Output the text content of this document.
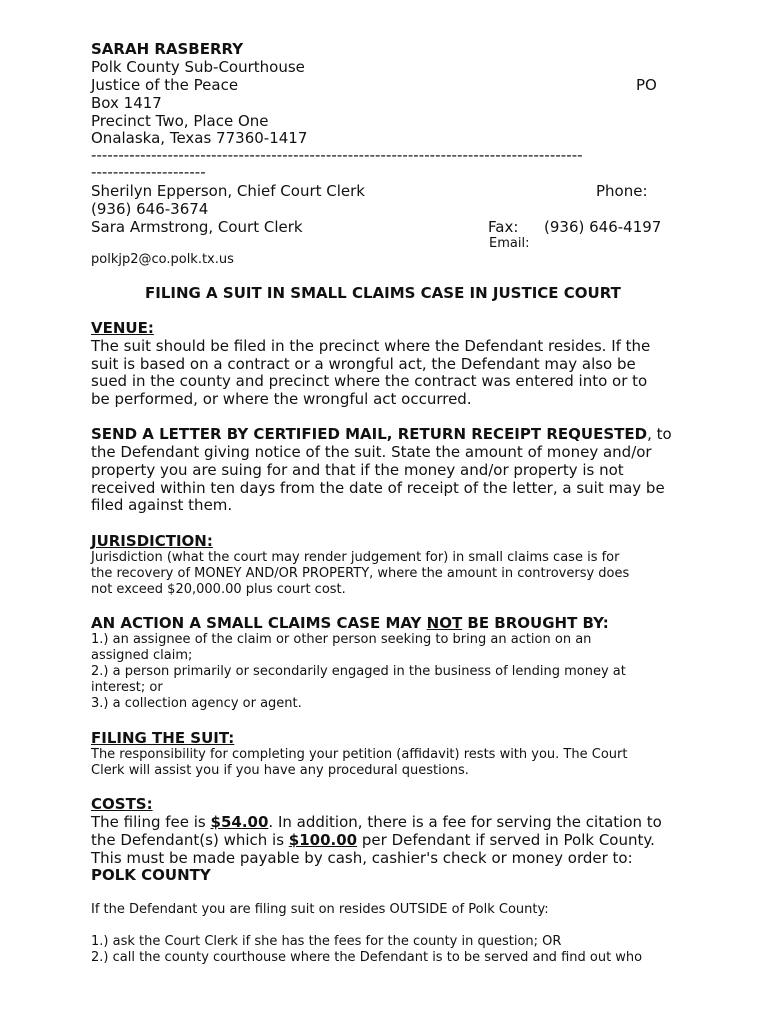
SARAH RASBERRY
Polk County Sub-Courthouse
Justice of the Peace	PO
Box 1417
Precinct Two, Place One
Onalaska, Texas 77360-1417
------------------------------------------------------------------------------------------
---------------------
Sherilyn Epperson, Chief Court Clerk	Phone:
(936) 646-3674
Sara Armstrong, Court Clerk	Fax: (936) 646-4197
Email:
polkjp2@co.polk.tx.us
FILING A SUIT IN SMALL CLAIMS CASE IN JUSTICE COURT
VENUE:
The suit should be filed in the precinct where the Defendant resides. If the
suit is based on a contract or a wrongful act, the Defendant may also be
sued in the county and precinct where the contract was entered into or to
be performed, or where the wrongful act occurred.
SEND A LETTER BY CERTIFIED MAIL, RETURN RECEIPT REQUESTED, to
the Defendant giving notice of the suit. State the amount of money and/or
property you are suing for and that if the money and/or property is not
received within ten days from the date of receipt of the letter, a suit may be
filed against them.
JURISDICTION:
Jurisdiction (what the court may render judgement for) in small claims case is for
the recovery of MONEY AND/OR PROPERTY, where the amount in controversy does
not exceed $20,000.00 plus court cost.
AN ACTION A SMALL CLAIMS CASE MAY NOT BE BROUGHT BY:
1.) an assignee of the claim or other person seeking to bring an action on an
assigned claim;
2.) a person primarily or secondarily engaged in the business of lending money at
interest; or
3.) a collection agency or agent.
FILING THE SUIT:
The responsibility for completing your petition (affidavit) rests with you. The Court
Clerk will assist you if you have any procedural questions.
COSTS:
The filing fee is $54.00. In addition, there is a fee for serving the citation to
the Defendant(s) which is $100.00 per Defendant if served in Polk County.
This must be made payable by cash, cashier's check or money order to:
POLK COUNTY
If the Defendant you are filing suit on resides OUTSIDE of Polk County:
1.) ask the Court Clerk if she has the fees for the county in question; OR
2.) call the county courthouse where the Defendant is to be served and find out who
